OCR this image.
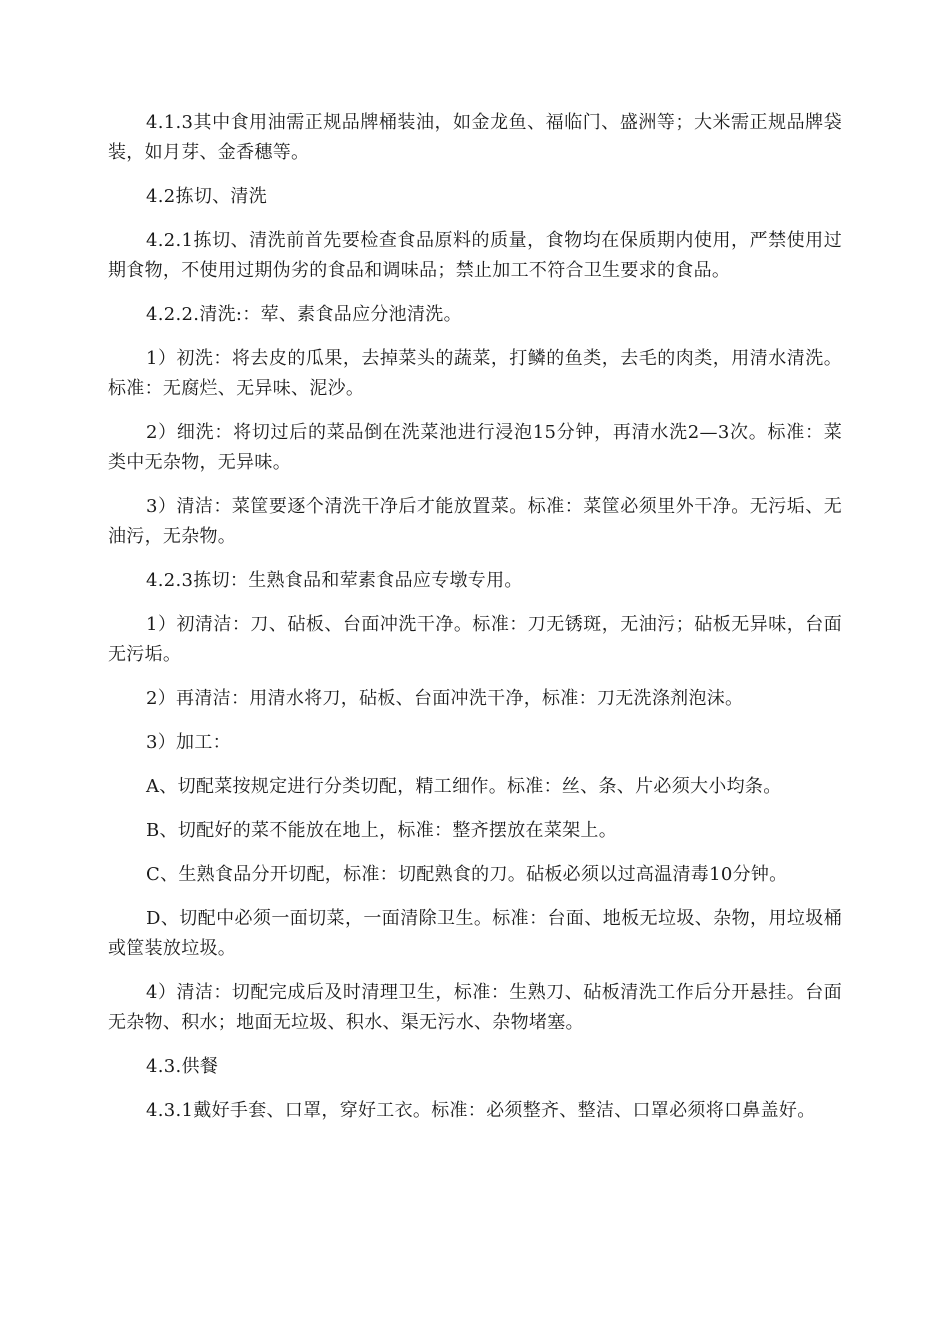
4.1.3其中食用油需正规品牌桶装油，如金龙鱼、福临门、盛洲等；大米需正规品牌袋装，如月芽、金香穗等。

4.2拣切、清洗

4.2.1拣切、清洗前首先要检查食品原料的质量，食物均在保质期内使用，严禁使用过期食物，不使用过期伪劣的食品和调味品；禁止加工不符合卫生要求的食品。

4.2.2.清洗:：荤、素食品应分池清洗。

1）初洗：将去皮的瓜果，去掉菜头的蔬菜，打鳞的鱼类，去毛的肉类，用清水清洗。标准：无腐烂、无异味、泥沙。

2）细洗：将切过后的菜品倒在洗菜池进行浸泡15分钟，再清水洗2—3次。标准：菜类中无杂物，无异味。

3）清洁：菜筐要逐个清洗干净后才能放置菜。标准：菜筐必须里外干净。无污垢、无油污，无杂物。

4.2.3拣切：生熟食品和荤素食品应专墩专用。

1）初清洁：刀、砧板、台面冲洗干净。标准：刀无锈斑，无油污；砧板无异味，台面无污垢。

2）再清洁：用清水将刀，砧板、台面冲洗干净，标准：刀无洗涤剂泡沫。

3）加工：

A、切配菜按规定进行分类切配，精工细作。标准：丝、条、片必须大小均条。

B、切配好的菜不能放在地上，标准：整齐摆放在菜架上。

C、生熟食品分开切配，标准：切配熟食的刀。砧板必须以过高温清毒10分钟。

D、切配中必须一面切菜，一面清除卫生。标准：台面、地板无垃圾、杂物，用垃圾桶或筐装放垃圾。

4）清洁：切配完成后及时清理卫生，标准：生熟刀、砧板清洗工作后分开悬挂。台面无杂物、积水；地面无垃圾、积水、渠无污水、杂物堵塞。

4.3.供餐

4.3.1戴好手套、口罩，穿好工衣。标准：必须整齐、整洁、口罩必须将口鼻盖好。
